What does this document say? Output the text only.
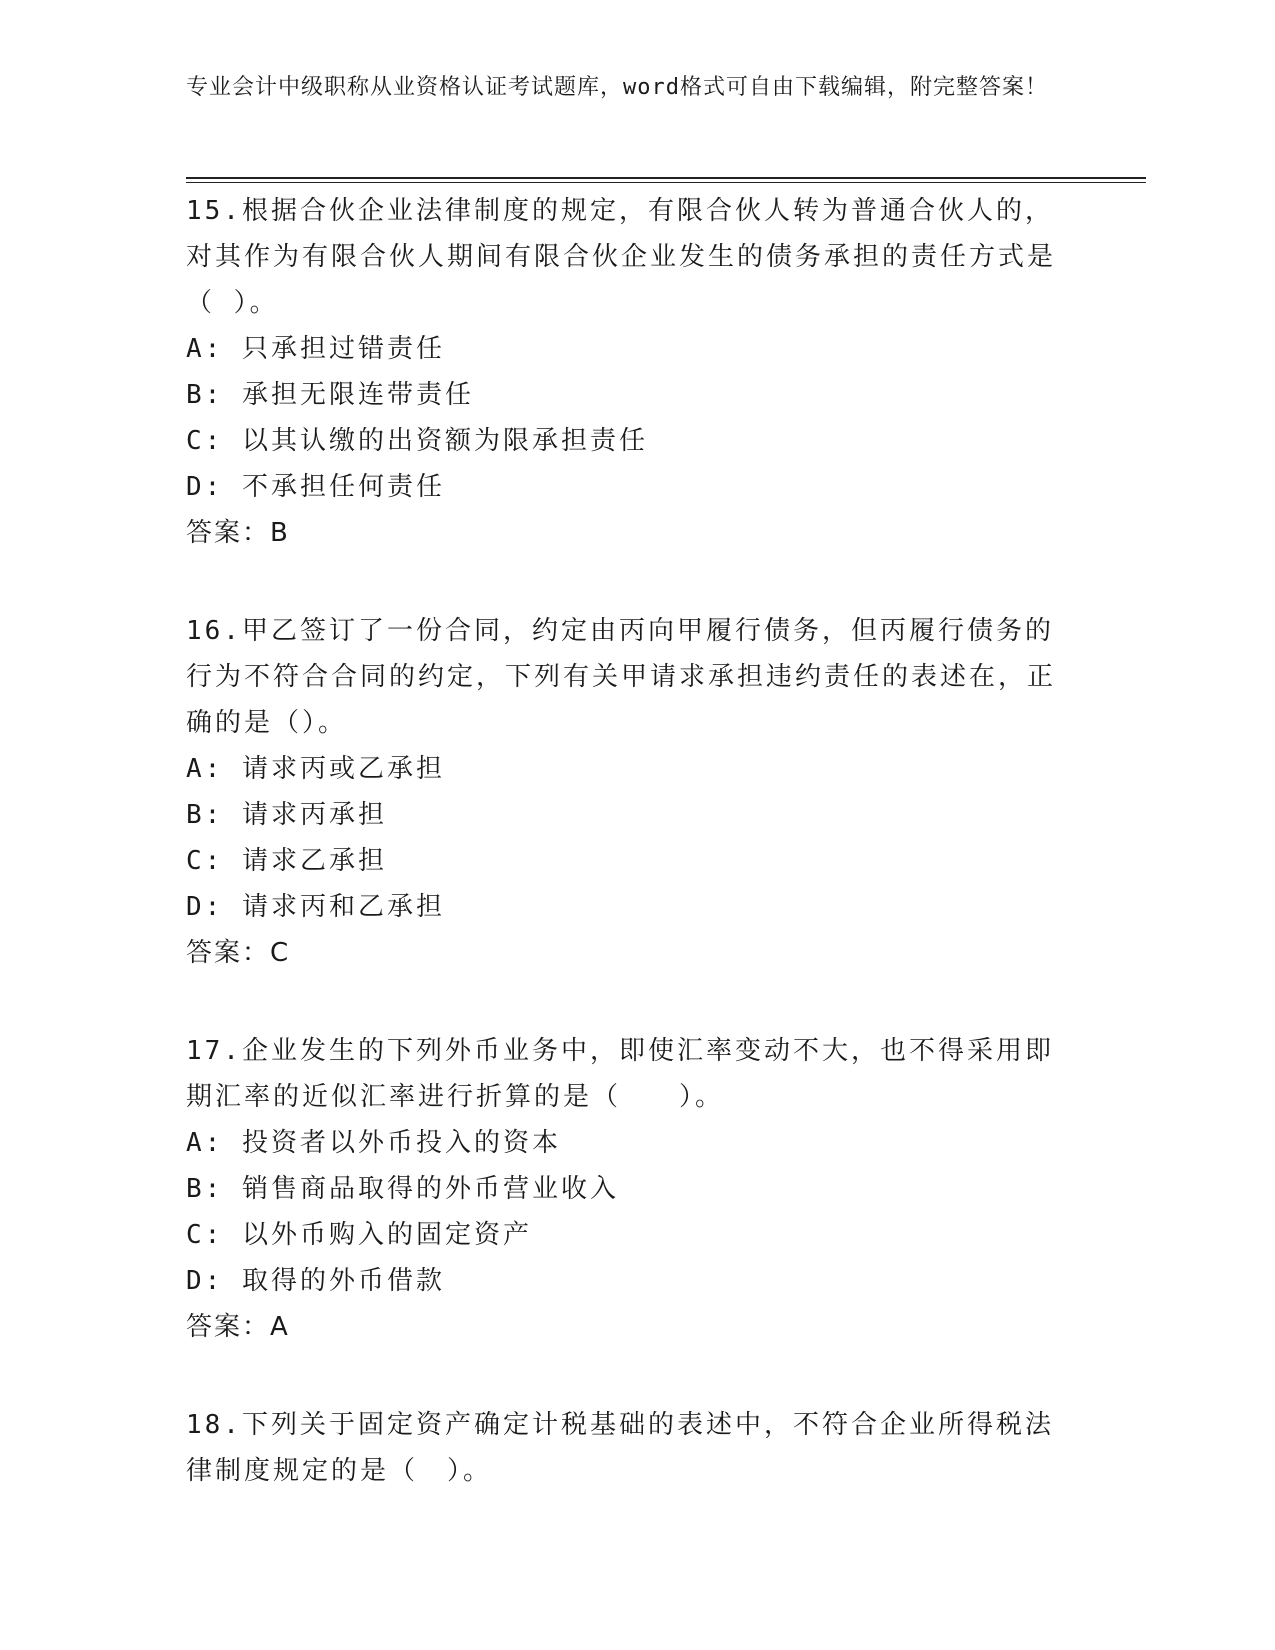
专业会计中级职称从业资格认证考试题库，word格式可自由下载编辑，附完整答案！

15.根据合伙企业法律制度的规定，有限合伙人转为普通合伙人的，对其作为有限合伙人期间有限合伙企业发生的债务承担的责任方式是（ ）。

A: 只承担过错责任

B: 承担无限连带责任

C: 以其认缴的出资额为限承担责任

D: 不承担任何责任

答案：B

16.甲乙签订了一份合同，约定由丙向甲履行债务，但丙履行债务的行为不符合合同的约定，下列有关甲请求承担违约责任的表述在，正确的是（）。

A: 请求丙或乙承担

B: 请求丙承担

C: 请求乙承担

D: 请求丙和乙承担

答案：C

17.企业发生的下列外币业务中，即使汇率变动不大，也不得采用即期汇率的近似汇率进行折算的是（　　）。

A: 投资者以外币投入的资本

B: 销售商品取得的外币营业收入

C: 以外币购入的固定资产

D: 取得的外币借款

答案：A

18.下列关于固定资产确定计税基础的表述中，不符合企业所得税法律制度规定的是（　）。
